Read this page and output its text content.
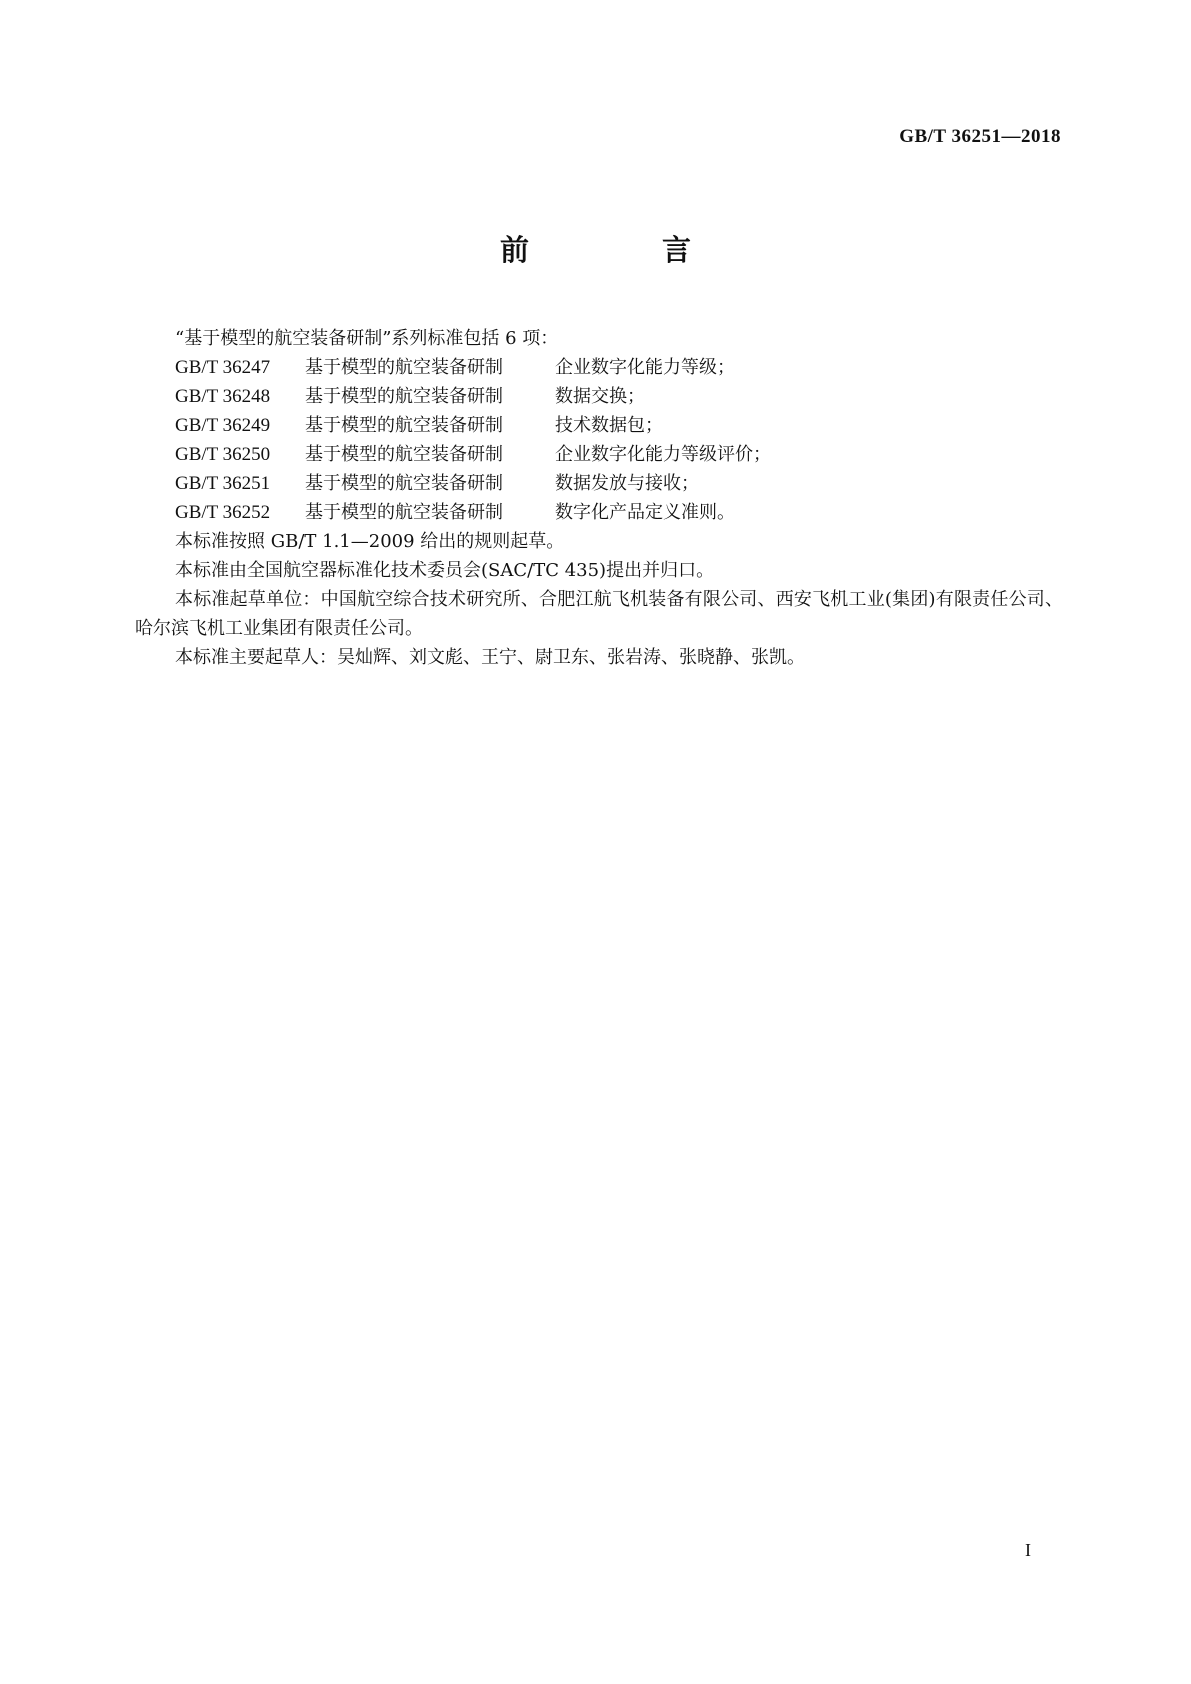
GB/T 36251—2018
前　言

“基于模型的航空装备研制”系列标准包括 6 项：

GB/T 36247 基于模型的航空装备研制	企业数字化能力等级；

GB/T 36248 基于模型的航空装备研制	数据交换；

GB/T 36249 基于模型的航空装备研制	技术数据包；

GB/T 36250 基于模型的航空装备研制	企业数字化能力等级评价；

GB/T 36251 基于模型的航空装备研制	数据发放与接收；

GB/T 36252 基于模型的航空装备研制	数字化产品定义准则。

本标准按照 GB/T 1.1—2009 给出的规则起草。

本标准由全国航空器标准化技术委员会(SAC/TC 435)提出并归口。

本标准起草单位：中国航空综合技术研究所、合肥江航飞机装备有限公司、西安飞机工业(集团)有限责任公司、哈尔滨飞机工业集团有限责任公司。

本标准主要起草人：吴灿辉、刘文彪、王宁、尉卫东、张岩涛、张晓静、张凯。

I
